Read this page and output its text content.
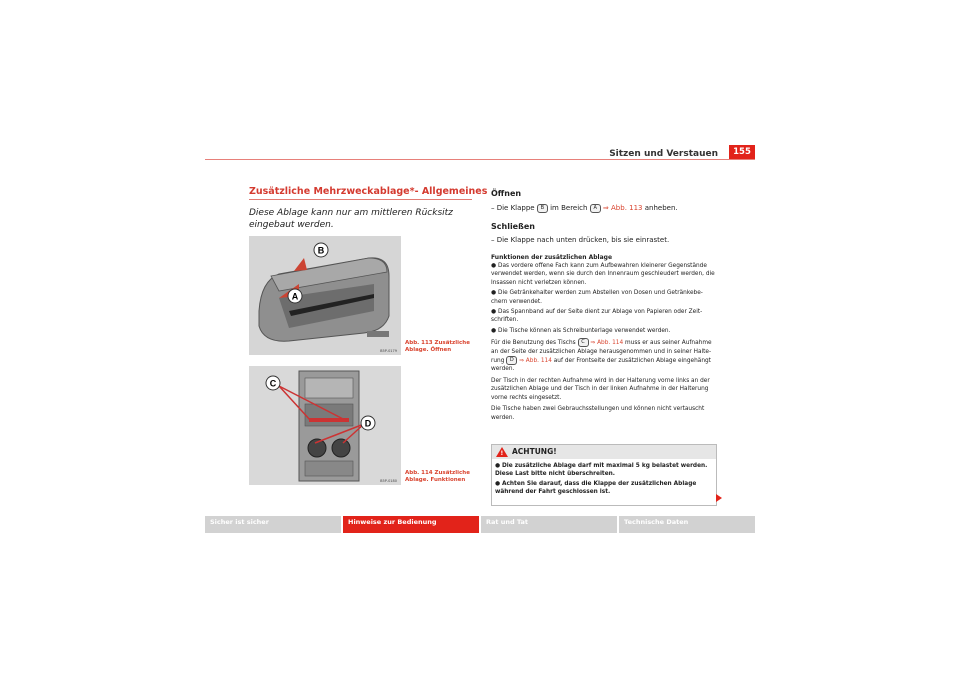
Sitzen und Verstauen	155
Zusätzliche Mehrzweckablage*- Allgemeines
Diese Ablage kann nur am mittleren Rücksitz eingebaut werden.
B
A
B5P-0179
Abb. 113 Zusätzliche Ablage. Öffnen
C
D
B5P-0180
Abb. 114 Zusätzliche Ablage. Funktionen
Öffnen
– Die Klappe B im Bereich A ⇒ Abb. 113 anheben.
Schließen
– Die Klappe nach unten drücken, bis sie einrastet.
Funktionen der zusätzlichen Ablage
● Das vordere offene Fach kann zum Aufbewahren kleinerer Gegenstände verwendet werden, wenn sie durch den Innenraum geschleudert werden, die Insassen nicht verletzen können.
● Die Getränkehalter werden zum Abstellen von Dosen und Getränkebe-chern verwendet.
● Das Spannband auf der Seite dient zur Ablage von Papieren oder Zeit-schriften.
● Die Tische können als Schreibunterlage verwendet werden.
Für die Benutzung des Tischs C ⇒ Abb. 114 muss er aus seiner Aufnahme an der Seite der zusätzlichen Ablage herausgenommen und in seiner Halte-rung D ⇒ Abb. 114 auf der Frontseite der zusätzlichen Ablage eingehängt werden.
Der Tisch in der rechten Aufnahme wird in der Halterung vorne links an der zusätzlichen Ablage und der Tisch in der linken Aufnahme in der Halterung vorne rechts eingesetzt.
Die Tische haben zwei Gebrauchsstellungen und können nicht vertauscht werden.
! ACHTUNG!
● Die zusätzliche Ablage darf mit maximal 5 kg belastet werden. Diese Last bitte nicht überschreiten.
● Achten Sie darauf, dass die Klappe der zusätzlichen Ablage während der Fahrt geschlossen ist.
Sicher ist sicher	Hinweise zur Bedienung	Rat und Tat	Technische Daten
